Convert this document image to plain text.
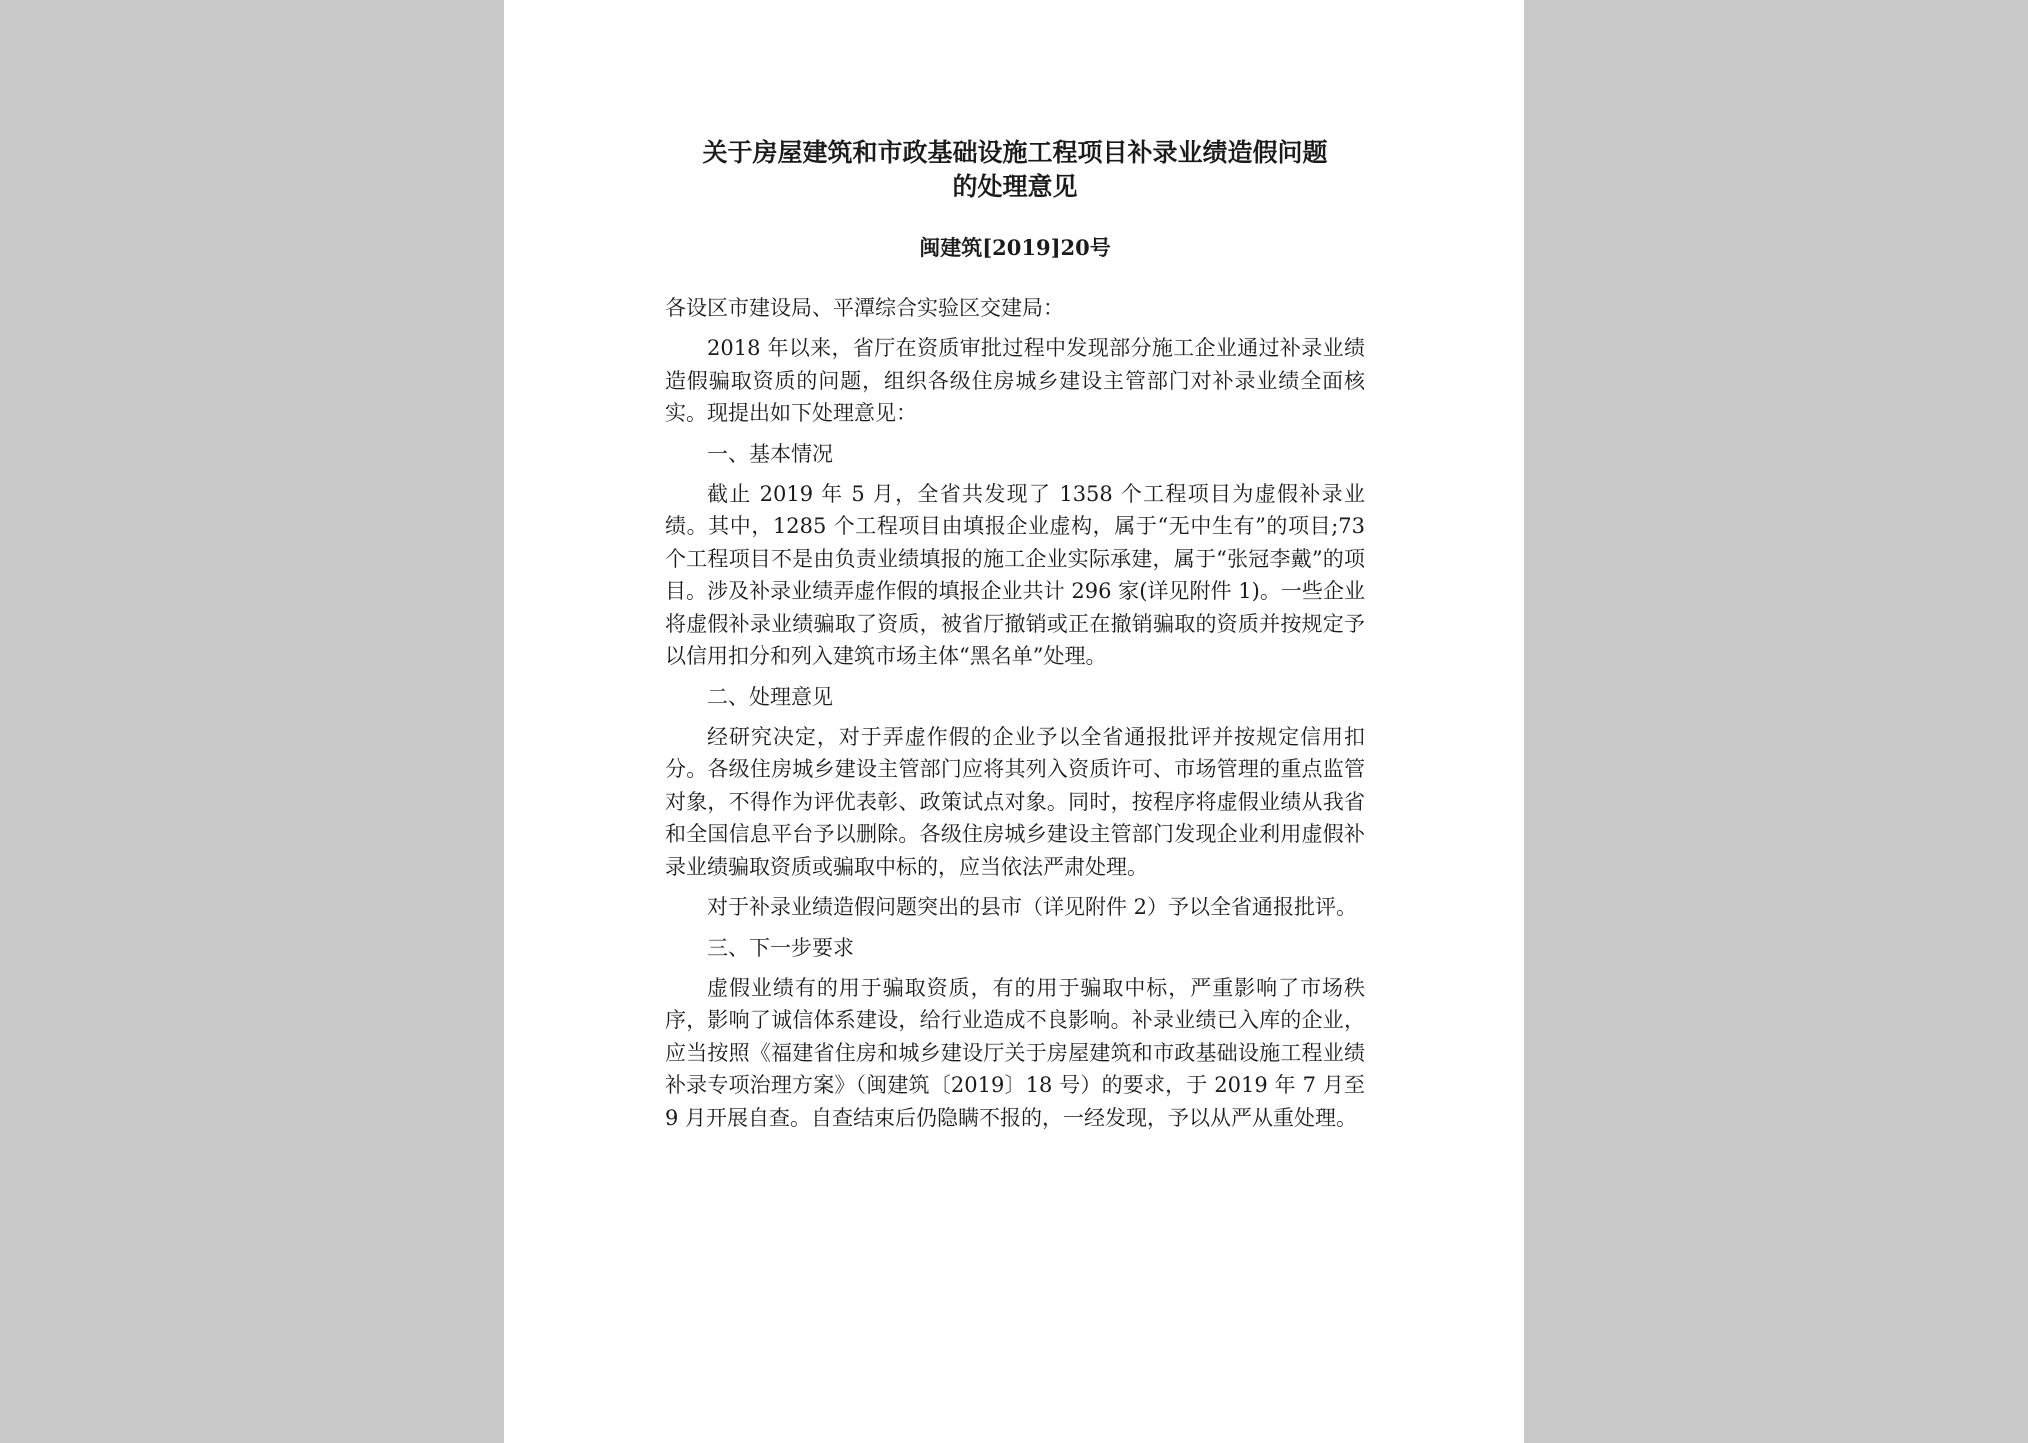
关于房屋建筑和市政基础设施工程项目补录业绩造假问题
的处理意见

闽建筑[2019]20号

各设区市建设局、平潭综合实验区交建局：

2018 年以来，省厅在资质审批过程中发现部分施工企业通过补录业绩造假骗取资质的问题，组织各级住房城乡建设主管部门对补录业绩全面核实。现提出如下处理意见：

一、基本情况

截止 2019 年 5 月，全省共发现了 1358 个工程项目为虚假补录业绩。其中，1285 个工程项目由填报企业虚构，属于“无中生有”的项目;73 个工程项目不是由负责业绩填报的施工企业实际承建，属于“张冠李戴”的项目。涉及补录业绩弄虚作假的填报企业共计 296 家(详见附件 1)。一些企业将虚假补录业绩骗取了资质，被省厅撤销或正在撤销骗取的资质并按规定予以信用扣分和列入建筑市场主体“黑名单”处理。

二、处理意见

经研究决定，对于弄虚作假的企业予以全省通报批评并按规定信用扣分。各级住房城乡建设主管部门应将其列入资质许可、市场管理的重点监管对象，不得作为评优表彰、政策试点对象。同时，按程序将虚假业绩从我省和全国信息平台予以删除。各级住房城乡建设主管部门发现企业利用虚假补录业绩骗取资质或骗取中标的，应当依法严肃处理。

对于补录业绩造假问题突出的县市（详见附件 2）予以全省通报批评。

三、下一步要求

虚假业绩有的用于骗取资质，有的用于骗取中标，严重影响了市场秩序，影响了诚信体系建设，给行业造成不良影响。补录业绩已入库的企业，应当按照《福建省住房和城乡建设厅关于房屋建筑和市政基础设施工程业绩补录专项治理方案》（闽建筑〔2019〕18 号）的要求，于 2019 年 7 月至 9 月开展自查。自查结束后仍隐瞒不报的，一经发现，予以从严从重处理。
